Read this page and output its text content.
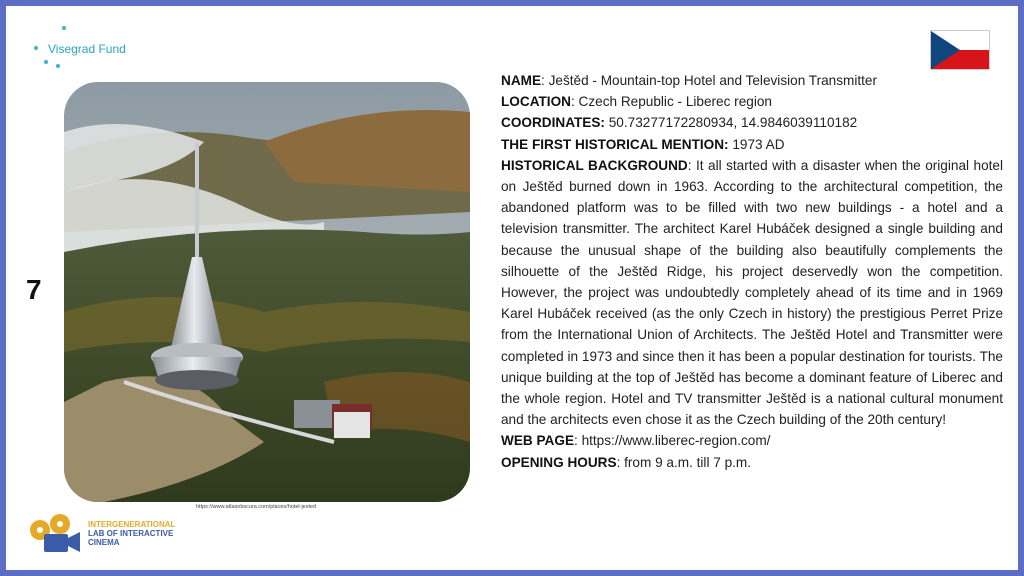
Visegrad Fund
7
https://www.atlasobscura.com/places/hotel-jested
INTERGENERATIONAL
LAB OF INTERACTIVE
CINEMA

NAME: Ještěd - Mountain-top Hotel and Television Transmitter

LOCATION: Czech Republic - Liberec region

COORDINATES: 50.73277172280934, 14.9846039110182

THE FIRST HISTORICAL MENTION: 1973 AD

HISTORICAL BACKGROUND: It all started with a disaster when the original hotel on Ještěd burned down in 1963. According to the architectural competition, the abandoned platform was to be filled with two new buildings - a hotel and a television transmitter. The architect Karel Hubáček designed a single building and because the unusual shape of the building also beautifully complements the silhouette of the Ještěd Ridge, his project deservedly won the competition. However, the project was undoubtedly completely ahead of its time and in 1969 Karel Hubáček received (as the only Czech in history) the prestigious Perret Prize from the International Union of Architects. The Ještěd Hotel and Transmitter were completed in 1973 and since then it has been a popular destination for tourists. The unique building at the top of Ještěd has become a dominant feature of Liberec and the whole region. Hotel and TV transmitter Ještěd is a national cultural monument and the architects even chose it as the Czech building of the 20th century!

WEB PAGE: https://www.liberec-region.com/

OPENING HOURS: from 9 a.m. till 7 p.m.
